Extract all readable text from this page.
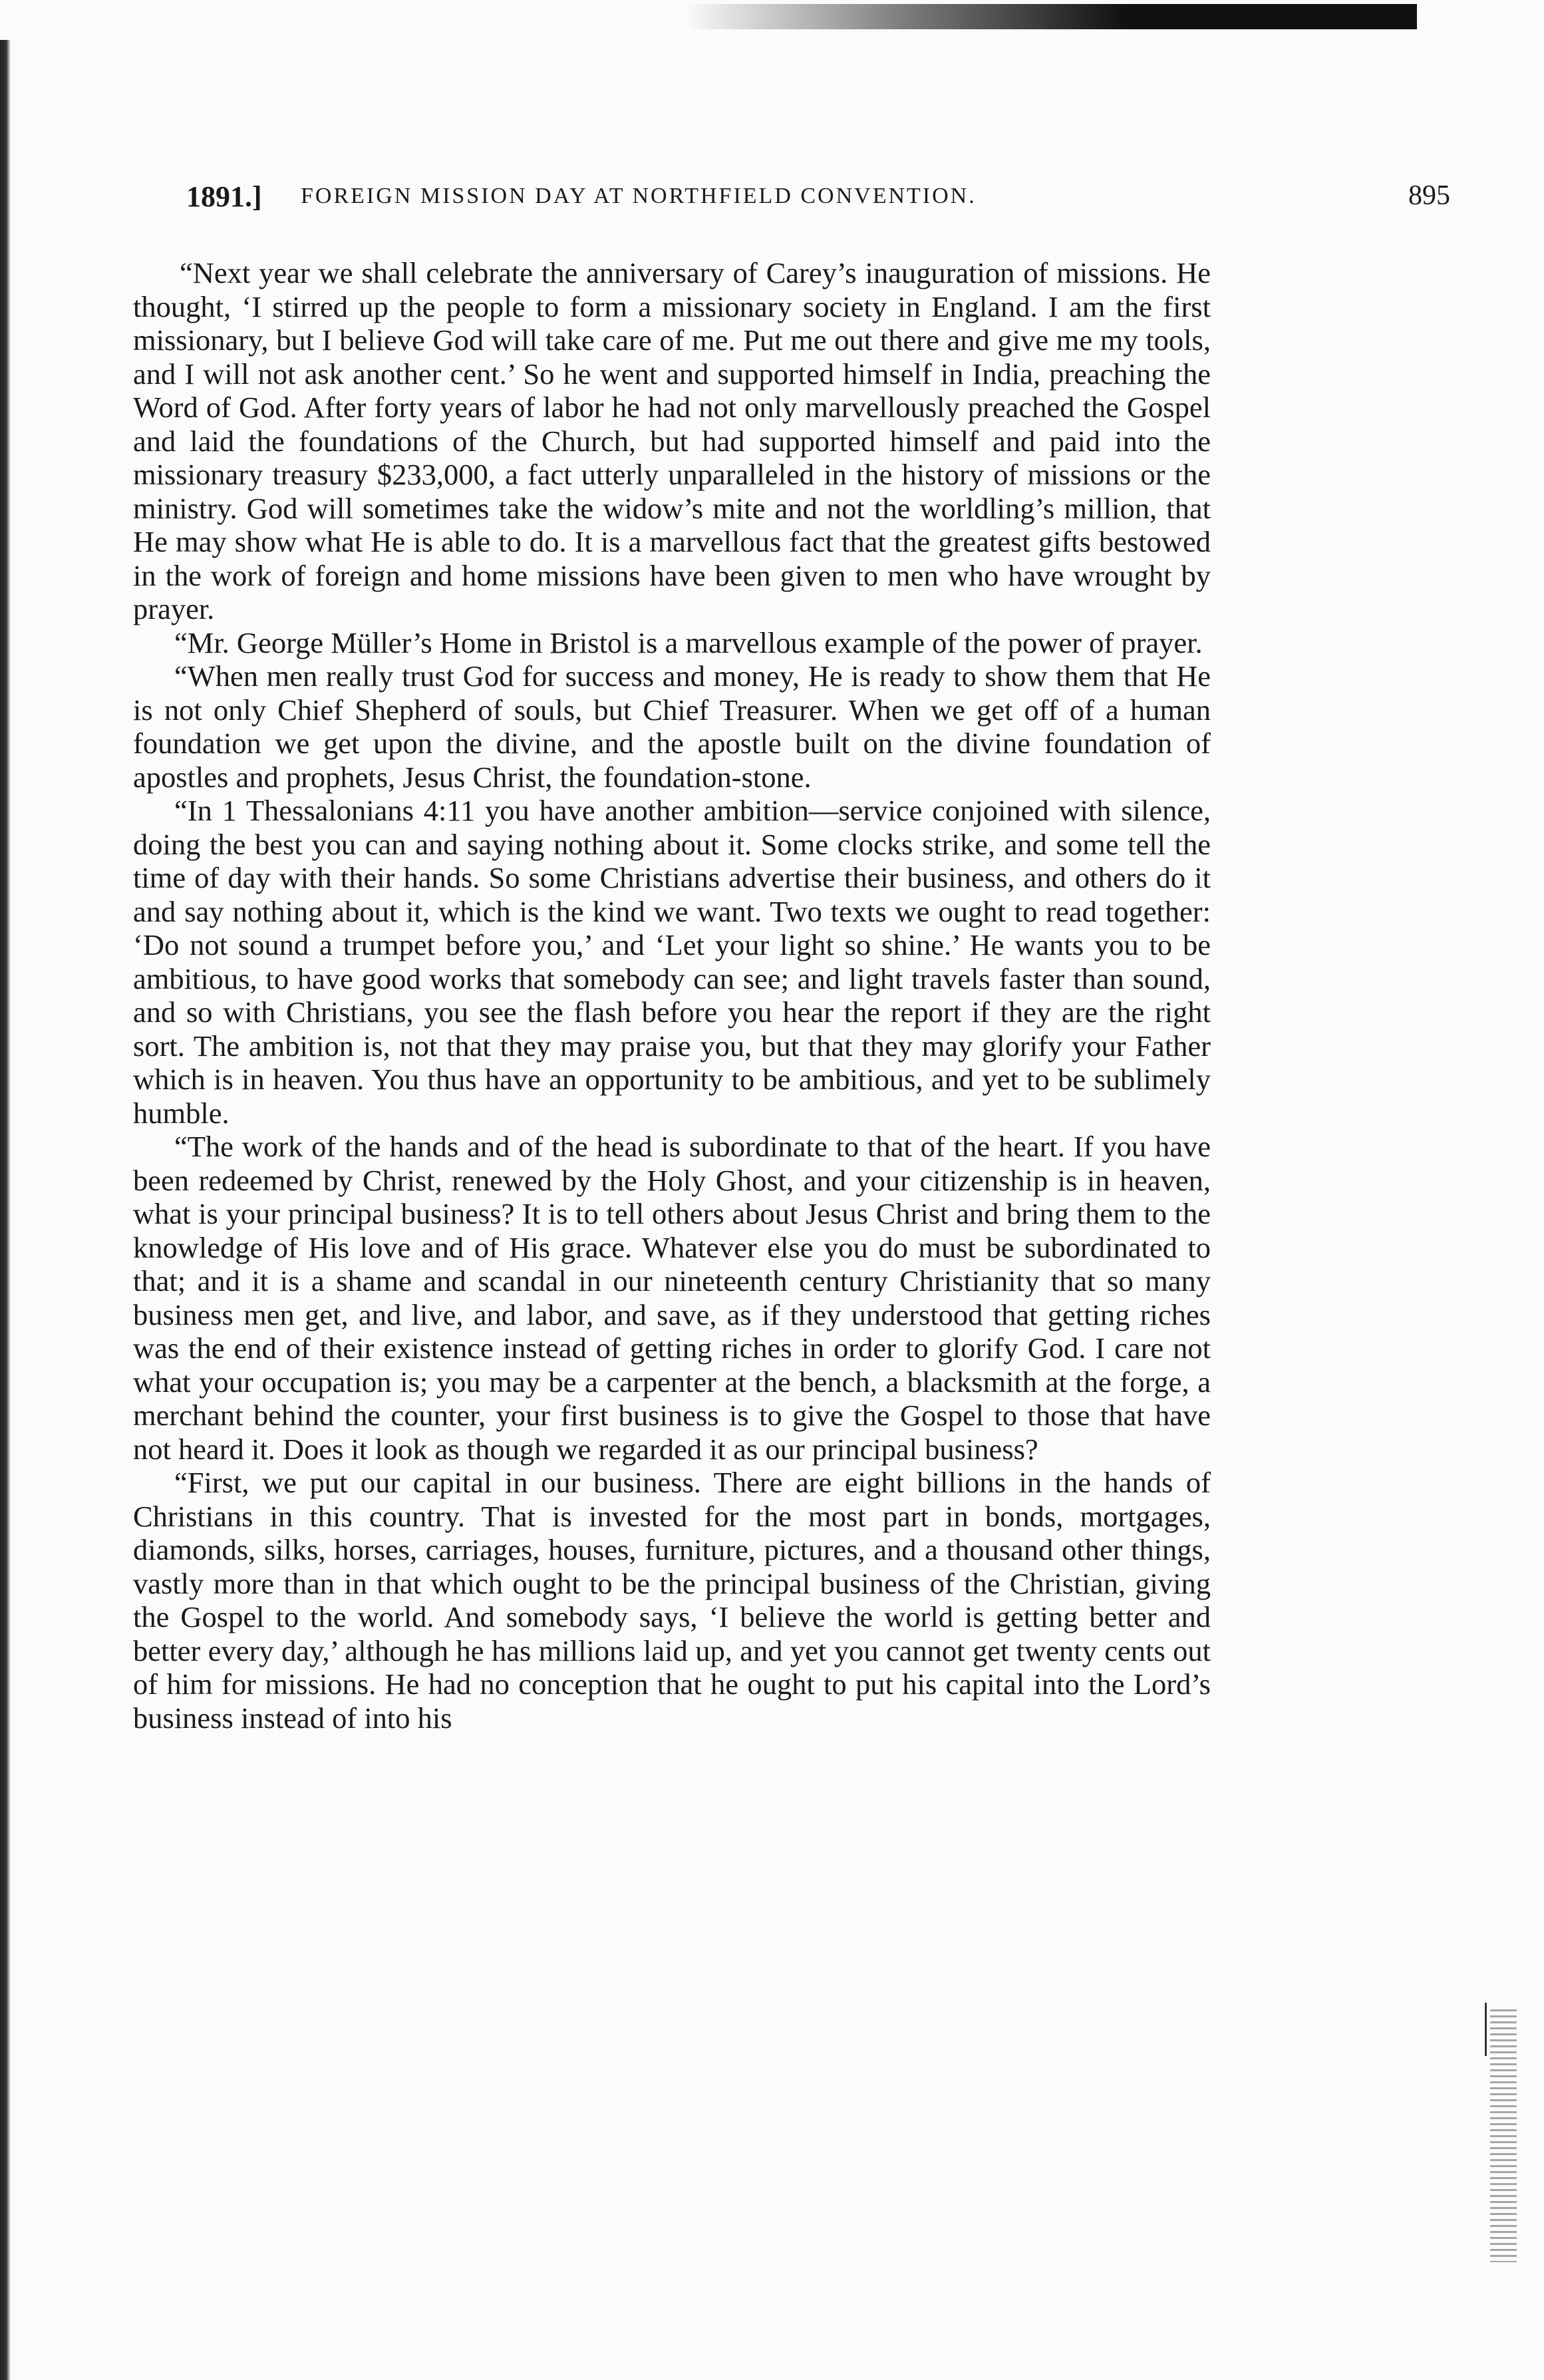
1891.] FOREIGN MISSION DAY AT NORTHFIELD CONVENTION.	895

“Next year we shall celebrate the anniversary of Carey’s inauguration of missions. He thought, ‘I stirred up the people to form a missionary society in England. I am the first missionary, but I believe God will take care of me. Put me out there and give me my tools, and I will not ask another cent.’ So he went and supported himself in India, preaching the Word of God. After forty years of labor he had not only marvellously preached the Gospel and laid the foundations of the Church, but had supported himself and paid into the missionary treasury $233,000, a fact utterly unparalleled in the history of missions or the ministry. God will sometimes take the widow’s mite and not the worldling’s million, that He may show what He is able to do. It is a marvellous fact that the greatest gifts bestowed in the work of foreign and home missions have been given to men who have wrought by prayer.

“Mr. George Müller’s Home in Bristol is a marvellous example of the power of prayer.

“When men really trust God for success and money, He is ready to show them that He is not only Chief Shepherd of souls, but Chief Treasurer. When we get off of a human foundation we get upon the divine, and the apostle built on the divine foundation of apostles and prophets, Jesus Christ, the foundation-stone.

“In 1 Thessalonians 4:11 you have another ambition—service conjoined with silence, doing the best you can and saying nothing about it. Some clocks strike, and some tell the time of day with their hands. So some Christians advertise their business, and others do it and say nothing about it, which is the kind we want. Two texts we ought to read together: ‘Do not sound a trumpet before you,’ and ‘Let your light so shine.’ He wants you to be ambitious, to have good works that somebody can see; and light travels faster than sound, and so with Christians, you see the flash before you hear the report if they are the right sort. The ambition is, not that they may praise you, but that they may glorify your Father which is in heaven. You thus have an opportunity to be ambitious, and yet to be sublimely humble.

“The work of the hands and of the head is subordinate to that of the heart. If you have been redeemed by Christ, renewed by the Holy Ghost, and your citizenship is in heaven, what is your principal business? It is to tell others about Jesus Christ and bring them to the knowledge of His love and of His grace. Whatever else you do must be subordinated to that; and it is a shame and scandal in our nineteenth century Christianity that so many business men get, and live, and labor, and save, as if they understood that getting riches was the end of their existence instead of getting riches in order to glorify God. I care not what your occupation is; you may be a carpenter at the bench, a blacksmith at the forge, a merchant behind the counter, your first business is to give the Gospel to those that have not heard it. Does it look as though we regarded it as our principal business?

“First, we put our capital in our business. There are eight billions in the hands of Christians in this country. That is invested for the most part in bonds, mortgages, diamonds, silks, horses, carriages, houses, furniture, pictures, and a thousand other things, vastly more than in that which ought to be the principal business of the Christian, giving the Gospel to the world. And somebody says, ‘I believe the world is getting better and better every day,’ although he has millions laid up, and yet you cannot get twenty cents out of him for missions. He had no conception that he ought to put his capital into the Lord’s business instead of into his
